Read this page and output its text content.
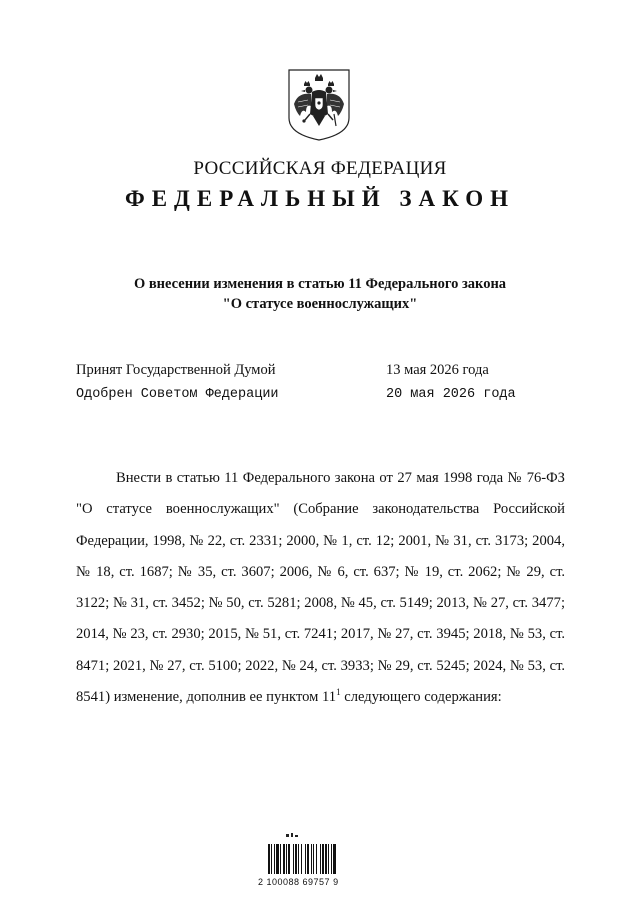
РОССИЙСКАЯ ФЕДЕРАЦИЯ
ФЕДЕРАЛЬНЫЙ ЗАКОН
О внесении изменения в статью 11 Федерального закона
"О статусе военнослужащих"
Принят Государственной Думой	13 мая 2026 года
Одобрен Советом Федерации	20 мая 2026 года

Внести в статью 11 Федерального закона от 27 мая 1998 года № 76-ФЗ "О статусе военнослужащих" (Собрание законодательства Российской Федерации, 1998, № 22, ст. 2331; 2000, № 1, ст. 12; 2001, № 31, ст. 3173; 2004, № 18, ст. 1687; № 35, ст. 3607; 2006, № 6, ст. 637; № 19, ст. 2062; № 29, ст. 3122; № 31, ст. 3452; № 50, ст. 5281; 2008, № 45, ст. 5149; 2013, № 27, ст. 3477; 2014, № 23, ст. 2930; 2015, № 51, ст. 7241; 2017, № 27, ст. 3945; 2018, № 53, ст. 8471; 2021, № 27, ст. 5100; 2022, № 24, ст. 3933; № 29, ст. 5245; 2024, № 53, ст. 8541) изменение, дополнив ее пунктом $11^1$ следующего содержания:

2 100088 69757 9
